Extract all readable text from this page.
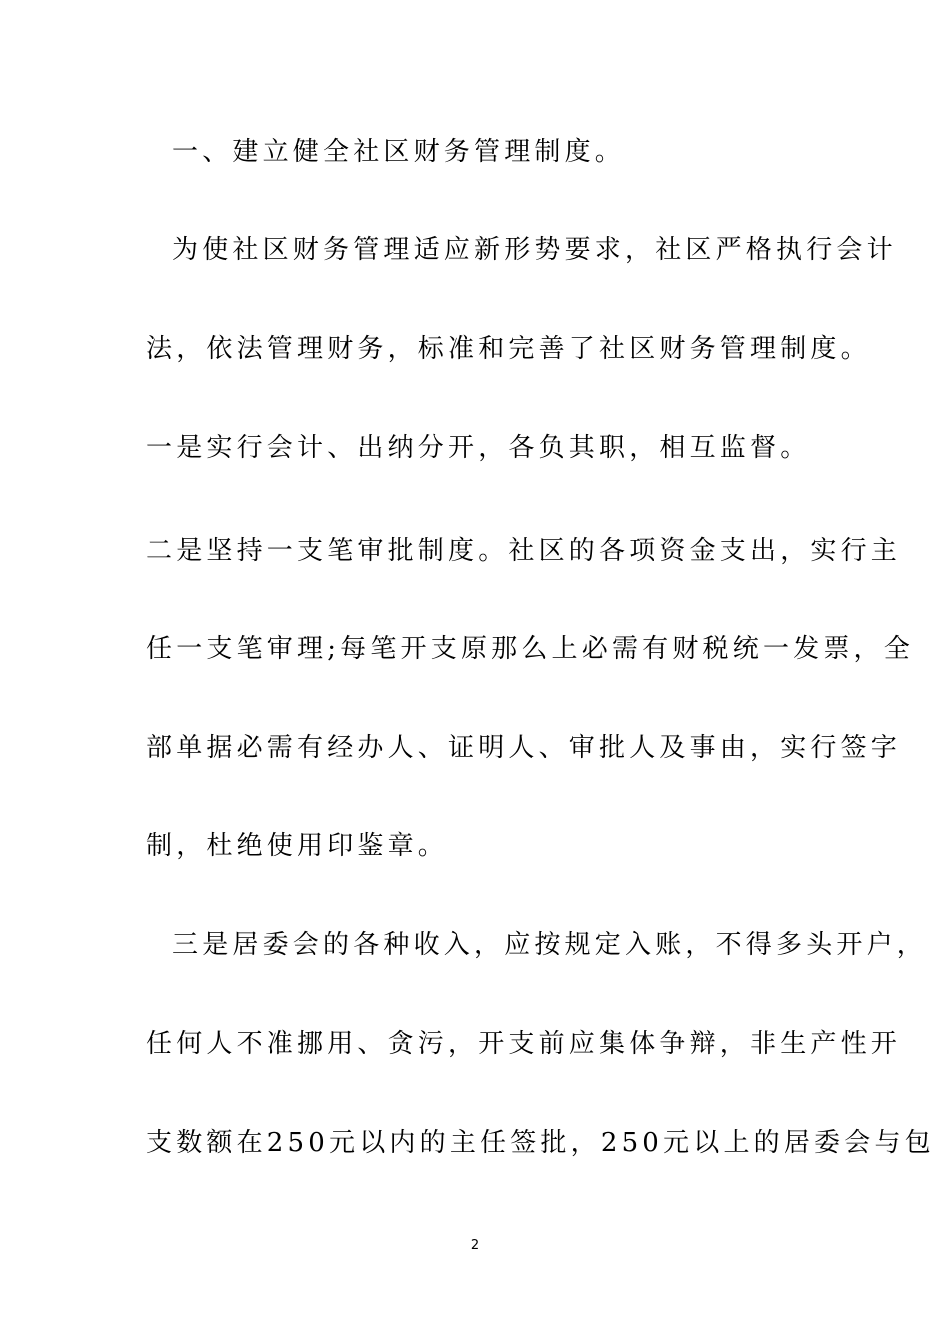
一、建立健全社区财务管理制度。
为使社区财务管理适应新形势要求，社区严格执行会计
法，依法管理财务，标准和完善了社区财务管理制度。
一是实行会计、出纳分开，各负其职，相互监督。
二是坚持一支笔审批制度。社区的各项资金支出，实行主
任一支笔审理;每笔开支原那么上必需有财税统一发票，全
部单据必需有经办人、证明人、审批人及事由，实行签字
制，杜绝使用印鉴章。
三是居委会的各种收入，应按规定入账，不得多头开户，
任何人不准挪用、贪污，开支前应集体争辩，非生产性开
支数额在250元以内的主任签批，250元以上的居委会与包
2
